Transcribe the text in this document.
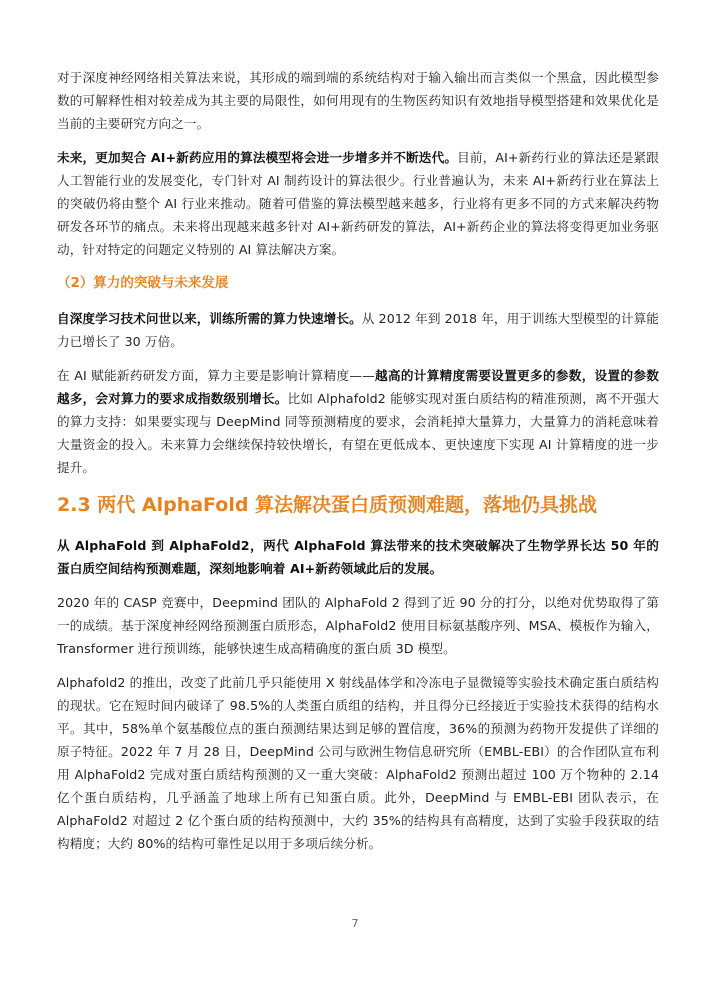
对于深度神经网络相关算法来说，其形成的端到端的系统结构对于输入输出而言类似一个黑盒，因此模型参数的可解释性相对较差成为其主要的局限性，如何用现有的生物医药知识有效地指导模型搭建和效果优化是当前的主要研究方向之一。

未来，更加契合 AI+新药应用的算法模型将会进一步增多并不断迭代。目前，AI+新药行业的算法还是紧跟人工智能行业的发展变化，专门针对 AI 制药设计的算法很少。行业普遍认为，未来 AI+新药行业在算法上的突破仍将由整个 AI 行业来推动。随着可借鉴的算法模型越来越多，行业将有更多不同的方式来解决药物研发各环节的痛点。未来将出现越来越多针对 AI+新药研发的算法，AI+新药企业的算法将变得更加业务驱动，针对特定的问题定义特别的 AI 算法解决方案。

（2）算力的突破与未来发展

自深度学习技术问世以来，训练所需的算力快速增长。从 2012 年到 2018 年，用于训练大型模型的计算能力已增长了 30 万倍。

在 AI 赋能新药研发方面，算力主要是影响计算精度——越高的计算精度需要设置更多的参数，设置的参数越多，会对算力的要求成指数级别增长。比如 Alphafold2 能够实现对蛋白质结构的精准预测，离不开强大的算力支持：如果要实现与 DeepMind 同等预测精度的要求，会消耗掉大量算力，大量算力的消耗意味着大量资金的投入。未来算力会继续保持较快增长，有望在更低成本、更快速度下实现 AI 计算精度的进一步提升。

2.3 两代 AlphaFold 算法解决蛋白质预测难题，落地仍具挑战

从 AlphaFold 到 AlphaFold2，两代 AlphaFold 算法带来的技术突破解决了生物学界长达 50 年的蛋白质空间结构预测难题，深刻地影响着 AI+新药领域此后的发展。

2020 年的 CASP 竞赛中，Deepmind 团队的 AlphaFold 2 得到了近 90 分的打分，以绝对优势取得了第一的成绩。基于深度神经网络预测蛋白质形态，AlphaFold2 使用目标氨基酸序列、MSA、模板作为输入，Transformer 进行预训练，能够快速生成高精确度的蛋白质 3D 模型。

Alphafold2 的推出，改变了此前几乎只能使用 X 射线晶体学和冷冻电子显微镜等实验技术确定蛋白质结构的现状。它在短时间内破译了 98.5%的人类蛋白质组的结构，并且得分已经接近于实验技术获得的结构水平。其中，58%单个氨基酸位点的蛋白预测结果达到足够的置信度，36%的预测为药物开发提供了详细的原子特征。2022 年 7 月 28 日，DeepMind 公司与欧洲生物信息研究所（EMBL-EBI）的合作团队宣布利用 AlphaFold2 完成对蛋白质结构预测的又一重大突破：AlphaFold2 预测出超过 100 万个物种的 2.14 亿个蛋白质结构，几乎涵盖了地球上所有已知蛋白质。此外，DeepMind 与 EMBL-EBI 团队表示，在 AlphaFold2 对超过 2 亿个蛋白质的结构预测中，大约 35%的结构具有高精度，达到了实验手段获取的结构精度；大约 80%的结构可靠性足以用于多项后续分析。

7
